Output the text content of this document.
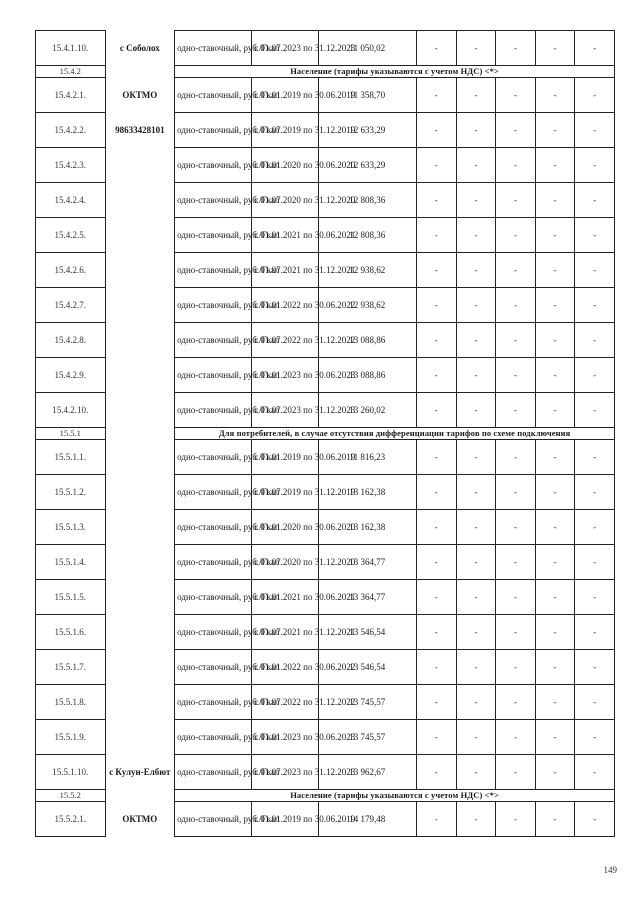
15.4.1.10.	с Соболох	одно-ставочный, руб./Гкал	с 01.07.2023 по 31.12.2023	11 050,02	-	-	-	-	-
15.4.2		Население (тарифы указываются с учетом НДС) <*>							
15.4.2.1.	ОКТМО	одно-ставочный, руб./Гкал	с 01.01.2019 по 30.06.2019	11 358,70	-	-	-	-	-
15.4.2.2.	98633428101	одно-ставочный, руб./Гкал	с 01.07.2019 по 31.12.2019	12 633,29	-	-	-	-	-
15.4.2.3.		одно-ставочный, руб./Гкал	с 01.01.2020 по 30.06.2020	12 633,29	-	-	-	-	-
15.4.2.4.		одно-ставочный, руб./Гкал	с 01.07.2020 по 31.12.2020	12 808,36	-	-	-	-	-
15.4.2.5.		одно-ставочный, руб./Гкал	с 01.01.2021 по 30.06.2021	12 808,36	-	-	-	-	-
15.4.2.6.		одно-ставочный, руб./Гкал	с 01.07.2021 по 31.12.2021	12 938,62	-	-	-	-	-
15.4.2.7.		одно-ставочный, руб./Гкал	с 01.01.2022 по 30.06.2022	12 938,62	-	-	-	-	-
15.4.2.8.		одно-ставочный, руб./Гкал	с 01.07.2022 по 31.12.2022	13 088,86	-	-	-	-	-
15.4.2.9.		одно-ставочный, руб./Гкал	с 01.01.2023 по 30.06.2023	13 088,86	-	-	-	-	-
15.4.2.10.		одно-ставочный, руб./Гкал	с 01.07.2023 по 31.12.2023	13 260,02	-	-	-	-	-
15.5.1		Для потребителей, в случае отсутствия дифференциации тарифов по схеме подключения							
15.5.1.1.		одно-ставочный, руб./Гкал	с 01.01.2019 по 30.06.2019	11 816,23	-	-	-	-	-
15.5.1.2.		одно-ставочный, руб./Гкал	с 01.07.2019 по 31.12.2019	13 162,38	-	-	-	-	-
15.5.1.3.		одно-ставочный, руб./Гкал	с 01.01.2020 по 30.06.2020	13 162,38	-	-	-	-	-
15.5.1.4.		одно-ставочный, руб./Гкал	с 01.07.2020 по 31.12.2020	13 364,77	-	-	-	-	-
15.5.1.5.		одно-ставочный, руб./Гкал	с 01.01.2021 по 30.06.2021	13 364,77	-	-	-	-	-
15.5.1.6.		одно-ставочный, руб./Гкал	с 01.07.2021 по 31.12.2021	13 546,54	-	-	-	-	-
15.5.1.7.		одно-ставочный, руб./Гкал	с 01.01.2022 по 30.06.2022	13 546,54	-	-	-	-	-
15.5.1.8.		одно-ставочный, руб./Гкал	с 01.07.2022 по 31.12.2022	13 745,57	-	-	-	-	-
15.5.1.9.		одно-ставочный, руб./Гкал	с 01.01.2023 по 30.06.2023	13 745,57	-	-	-	-	-
15.5.1.10.	с Кулун-Елбют	одно-ставочный, руб./Гкал	с 01.07.2023 по 31.12.2023	13 962,67	-	-	-	-	-
15.5.2		Население (тарифы указываются с учетом НДС) <*>							
15.5.2.1.	ОКТМО	одно-ставочный, руб./Гкал	с 01.01.2019 по 30.06.2019	14 179,48	-	-	-	-	-
149
